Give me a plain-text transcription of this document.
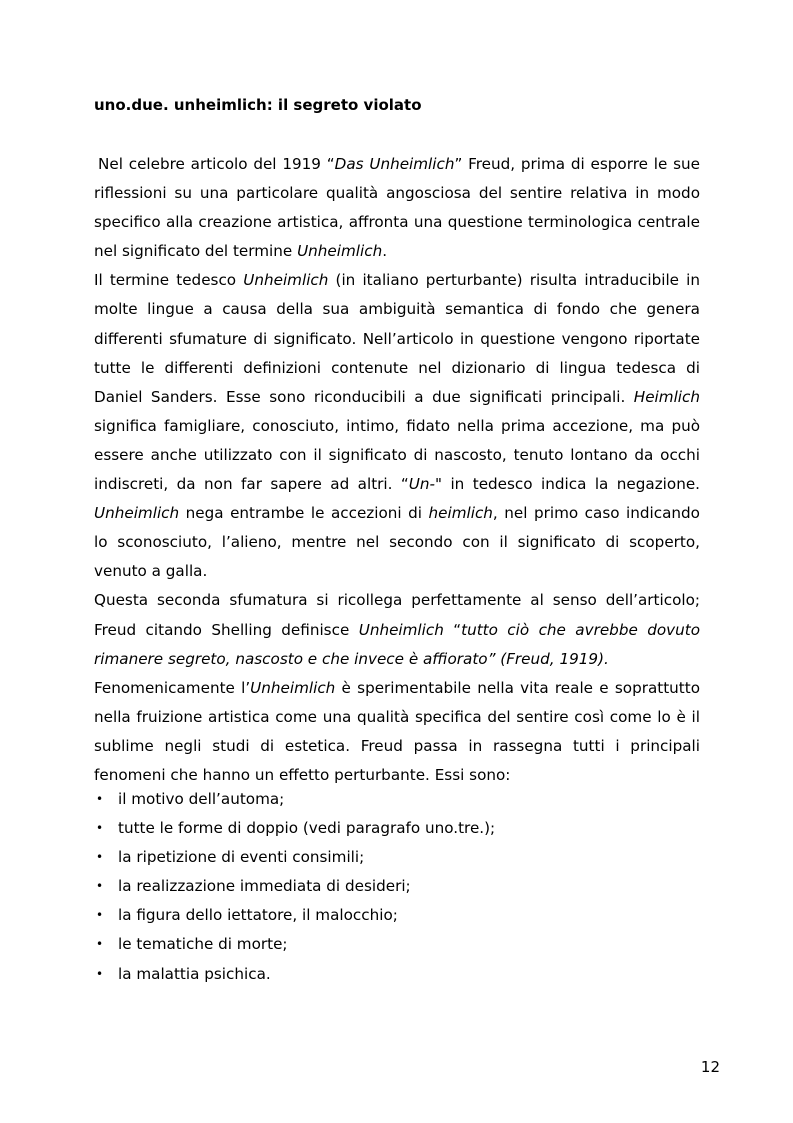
uno.due. unheimlich: il segreto violato

Nel celebre articolo del 1919 “Das Unheimlich” Freud, prima di esporre le sue riflessioni su una particolare qualità angosciosa del sentire relativa in modo specifico alla creazione artistica, affronta una questione terminologica centrale nel significato del termine Unheimlich.

Il termine tedesco Unheimlich (in italiano perturbante) risulta intraducibile in molte lingue a causa della sua ambiguità semantica di fondo che genera differenti sfumature di significato. Nell’articolo in questione vengono riportate tutte le differenti definizioni contenute nel dizionario di lingua tedesca di Daniel Sanders. Esse sono riconducibili a due significati principali. Heimlich significa famigliare, conosciuto, intimo, fidato nella prima accezione, ma può essere anche utilizzato con il significato di nascosto, tenuto lontano da occhi indiscreti, da non far sapere ad altri. “Un-" in tedesco indica la negazione. Unheimlich nega entrambe le accezioni di heimlich, nel primo caso indicando lo sconosciuto, l’alieno, mentre nel secondo con il significato di scoperto, venuto a galla.

Questa seconda sfumatura si ricollega perfettamente al senso dell’articolo; Freud citando Shelling definisce Unheimlich “tutto ciò che avrebbe dovuto rimanere segreto, nascosto e che invece è affiorato” (Freud, 1919).

Fenomenicamente l’Unheimlich è sperimentabile nella vita reale e soprattutto nella fruizione artistica come una qualità specifica del sentire così come lo è il sublime negli studi di estetica. Freud passa in rassegna tutti i principali fenomeni che hanno un effetto perturbante. Essi sono:

• il motivo dell’automa;
• tutte le forme di doppio (vedi paragrafo uno.tre.);
• la ripetizione di eventi consimili;
• la realizzazione immediata di desideri;
• la figura dello iettatore, il malocchio;
• le tematiche di morte;
• la malattia psichica.
12
